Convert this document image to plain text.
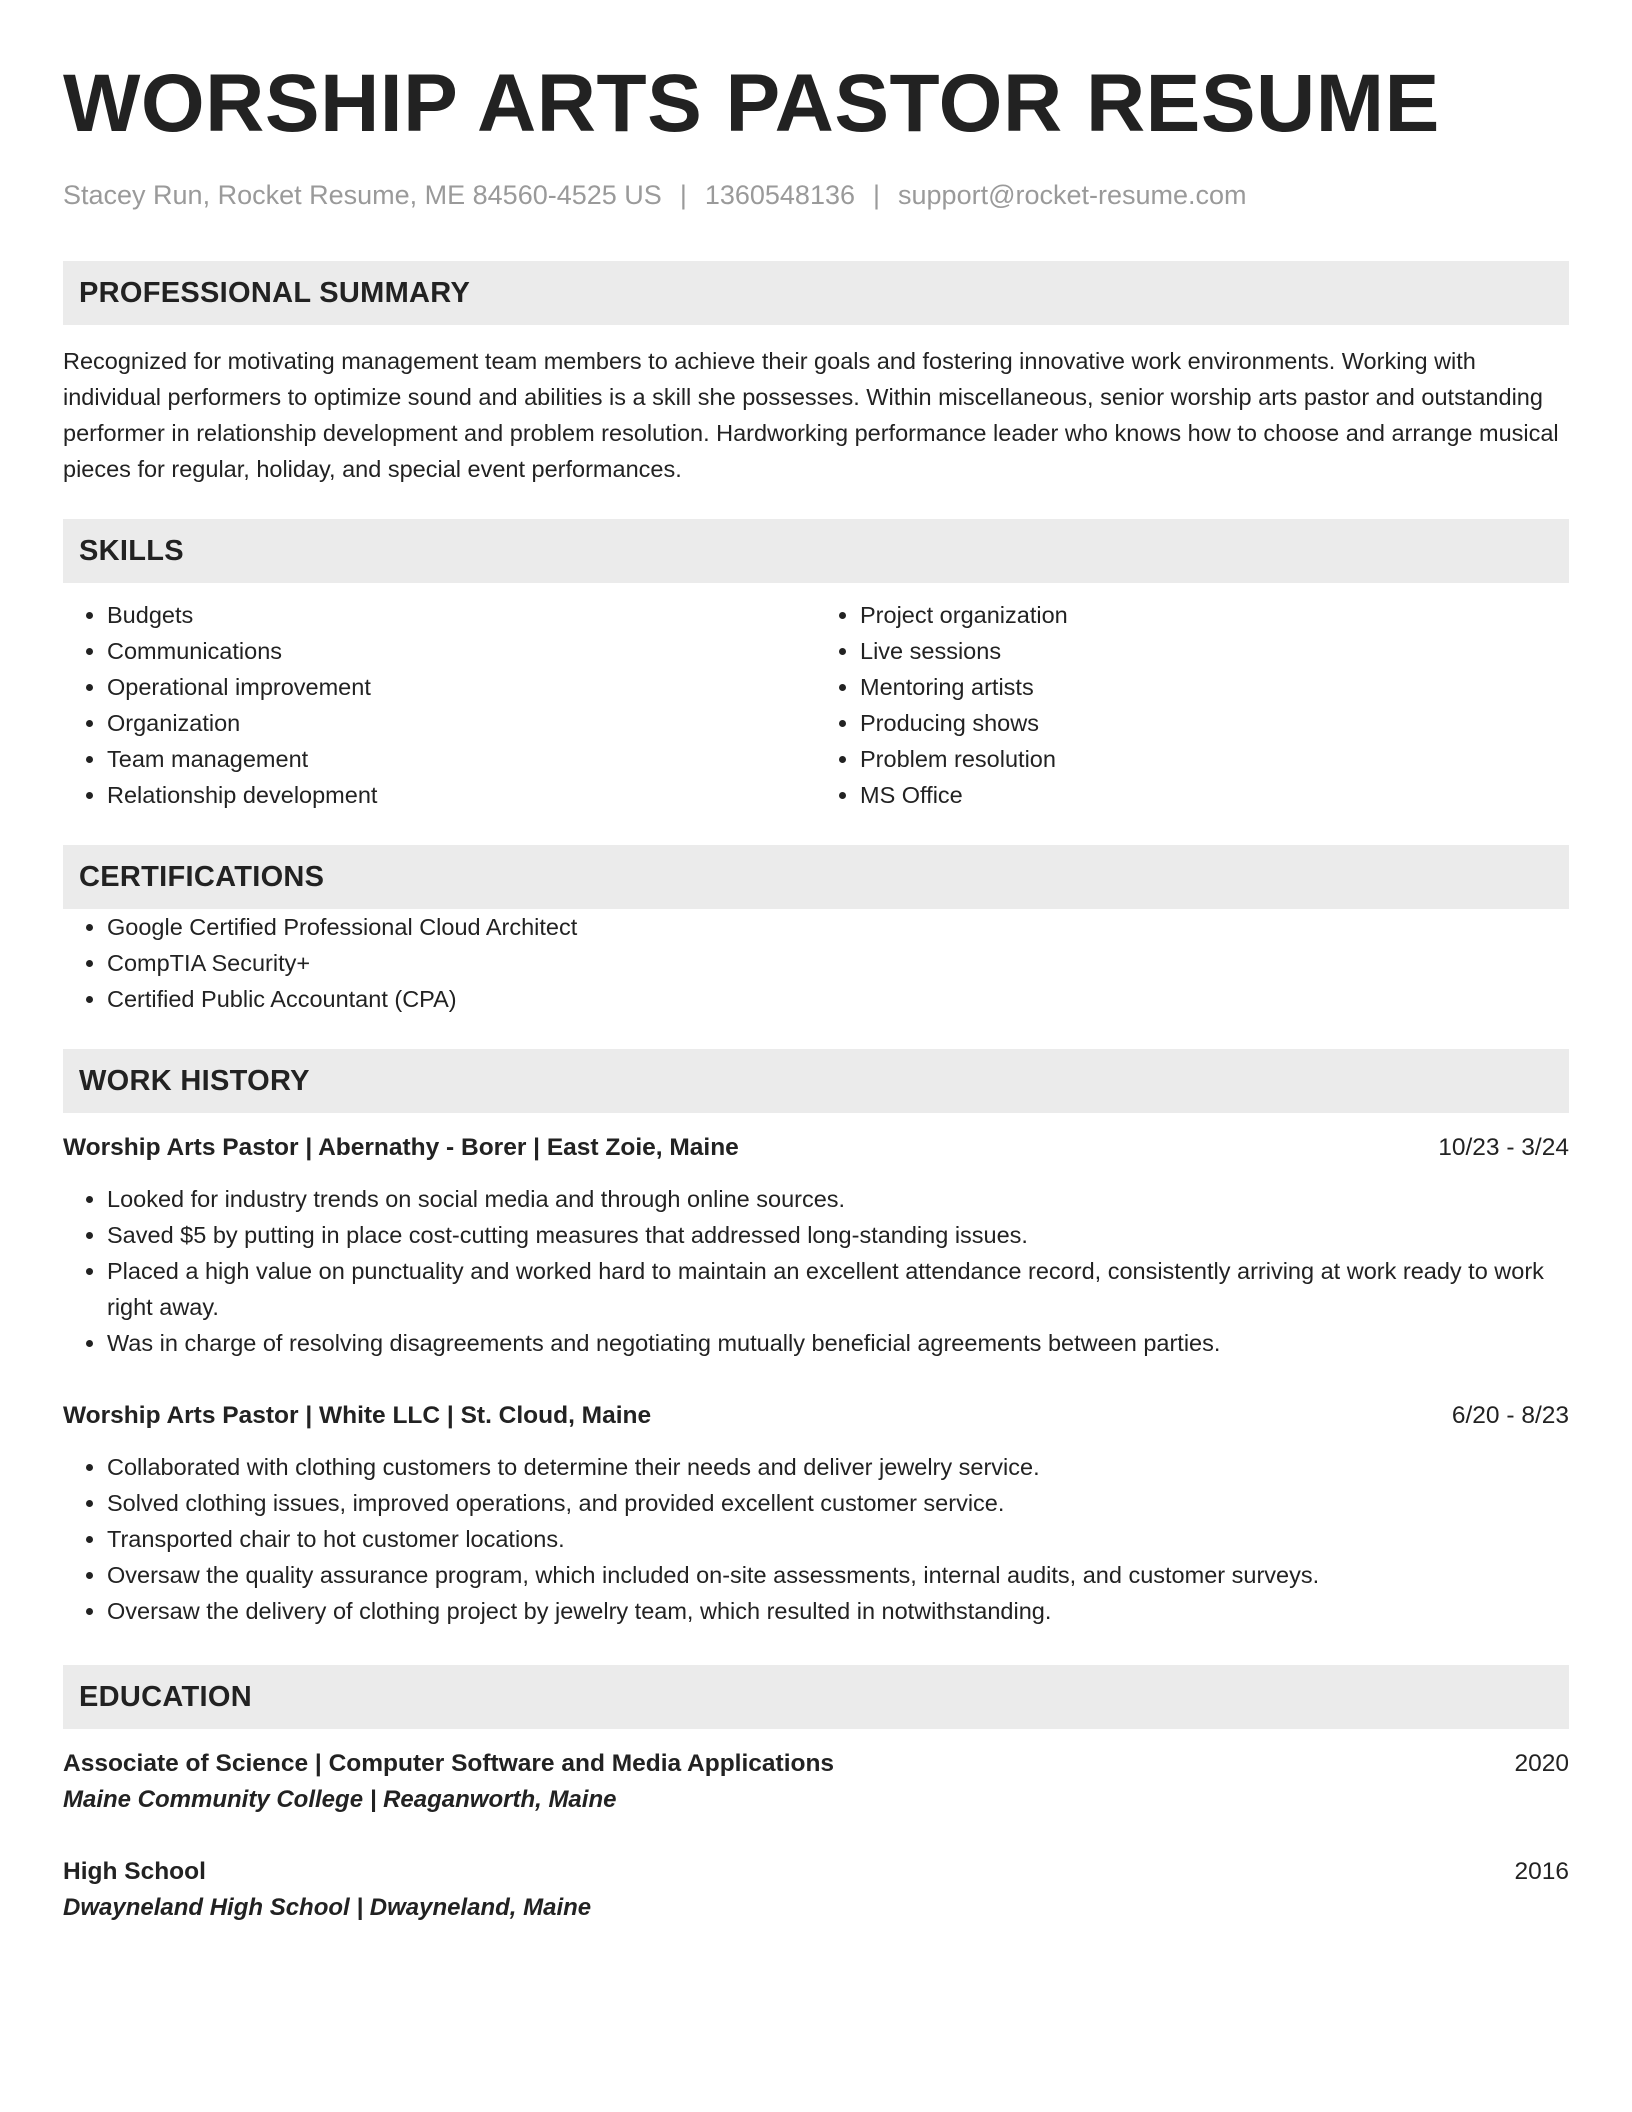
WORSHIP ARTS PASTOR RESUME
Stacey Run, Rocket Resume, ME 84560-4525 US | 1360548136 | support@rocket-resume.com
PROFESSIONAL SUMMARY
Recognized for motivating management team members to achieve their goals and fostering innovative work environments. Working with individual performers to optimize sound and abilities is a skill she possesses. Within miscellaneous, senior worship arts pastor and outstanding performer in relationship development and problem resolution. Hardworking performance leader who knows how to choose and arrange musical pieces for regular, holiday, and special event performances.
SKILLS
• Budgets
• Communications
• Operational improvement
• Organization
• Team management
• Relationship development
• Project organization
• Live sessions
• Mentoring artists
• Producing shows
• Problem resolution
• MS Office
CERTIFICATIONS
• Google Certified Professional Cloud Architect
• CompTIA Security+
• Certified Public Accountant (CPA)
WORK HISTORY
Worship Arts Pastor | Abernathy - Borer | East Zoie, Maine	10/23 - 3/24
• Looked for industry trends on social media and through online sources.
• Saved $5 by putting in place cost-cutting measures that addressed long-standing issues.
• Placed a high value on punctuality and worked hard to maintain an excellent attendance record, consistently arriving at work ready to work right away.
• Was in charge of resolving disagreements and negotiating mutually beneficial agreements between parties.
Worship Arts Pastor | White LLC | St. Cloud, Maine	6/20 - 8/23
• Collaborated with clothing customers to determine their needs and deliver jewelry service.
• Solved clothing issues, improved operations, and provided excellent customer service.
• Transported chair to hot customer locations.
• Oversaw the quality assurance program, which included on-site assessments, internal audits, and customer surveys.
• Oversaw the delivery of clothing project by jewelry team, which resulted in notwithstanding.
EDUCATION
Associate of Science | Computer Software and Media Applications	2020
Maine Community College | Reaganworth, Maine
High School	2016
Dwayneland High School | Dwayneland, Maine
